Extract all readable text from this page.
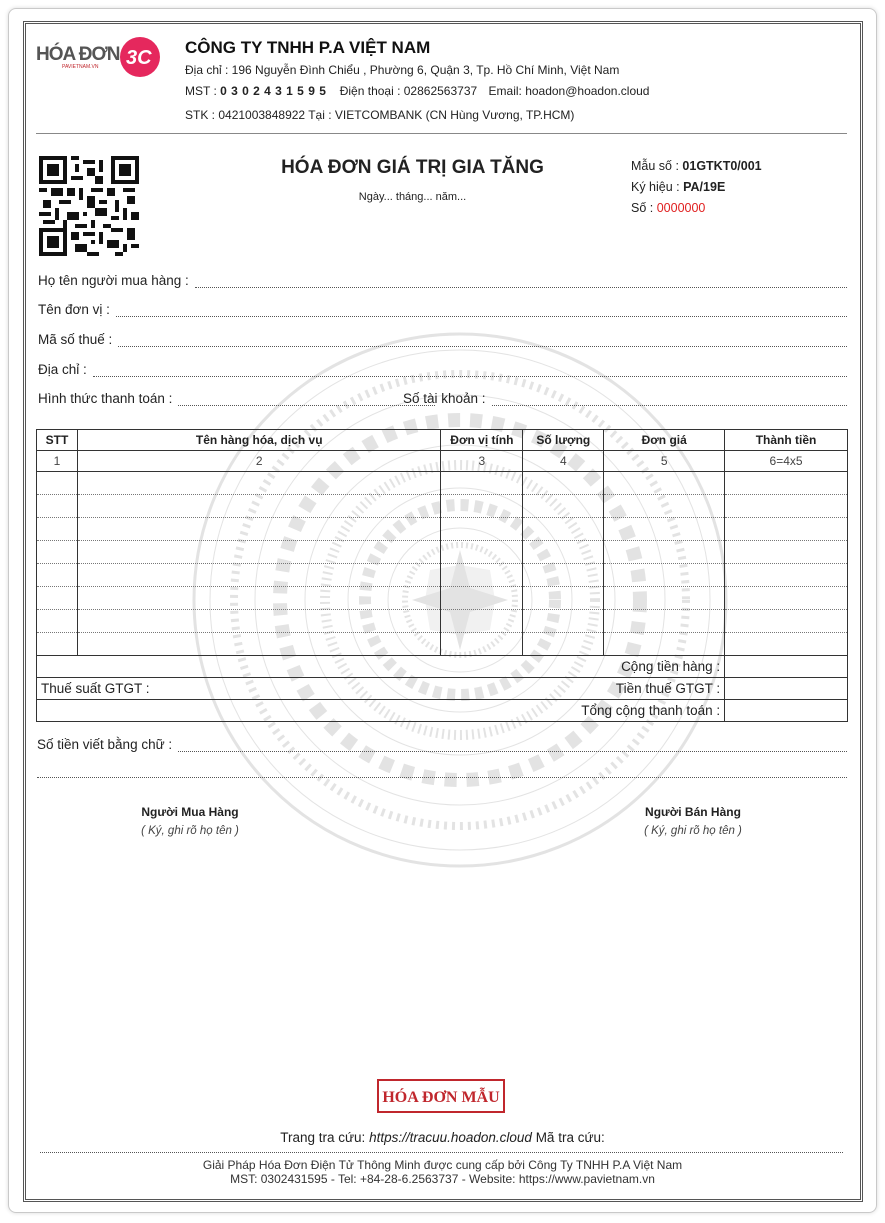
HÓA ĐƠN
PAVIETNAM.VN 3C CÔNG TY TNHH P.A VIỆT NAM
Địa chỉ : 196 Nguyễn Đình Chiểu , Phường 6, Quận 3, Tp. Hồ Chí Minh, Việt Nam
MST : 0 3 0 2 4 3 1 5 9 5 Điện thoại : 02862563737 Email: hoadon@hoadon.cloud
STK : 0421003848922 Tại : VIETCOMBANK (CN Hùng Vương, TP.HCM)
HÓA ĐƠN GIÁ TRỊ GIA TĂNG
Ngày... tháng... năm...
Mẫu số : 01GTKT0/001
Ký hiệu : PA/19E
Số : 0000000
Họ tên người mua hàng :
Tên đơn vị :
Mã số thuế :
Địa chỉ :
Hình thức thanh toán :	Số tài khoản :
STT	Tên hàng hóa, dịch vụ	Đơn vị tính	Số lượng	Đơn giá	Thành tiền
1	2	3	4	5	6=4x5

Cộng tiền hàng :	
Thuế suất GTGT : Tiền thuế GTGT :	

Tổng cộng thanh toán :	
Số tiền viết bằng chữ :
Người Mua Hàng
( Ký, ghi rõ họ tên )
Người Bán Hàng
( Ký, ghi rõ họ tên )
HÓA ĐƠN MẪU
Trang tra cứu: https://tracuu.hoadon.cloud Mã tra cứu:
Giải Pháp Hóa Đơn Điện Tử Thông Minh được cung cấp bởi Công Ty TNHH P.A Việt Nam
MST: 0302431595 - Tel: +84-28-6.2563737 - Website: https://www.pavietnam.vn
